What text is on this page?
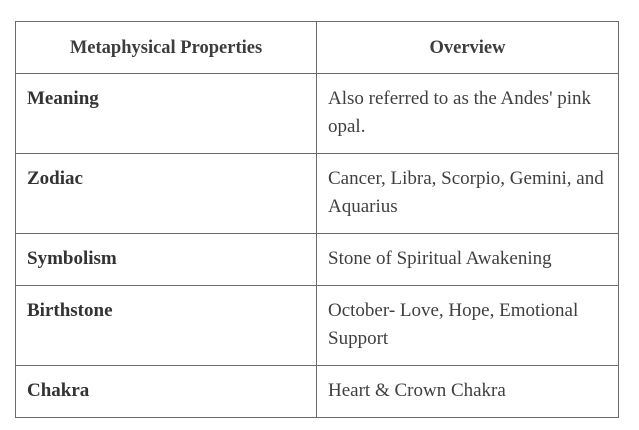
Metaphysical Properties	Overview
Meaning	Also referred to as the Andes' pink opal.
Zodiac	Cancer, Libra, Scorpio, Gemini, and Aquarius
Symbolism	Stone of Spiritual Awakening
Birthstone	October- Love, Hope, Emotional Support
Chakra	Heart & Crown Chakra
